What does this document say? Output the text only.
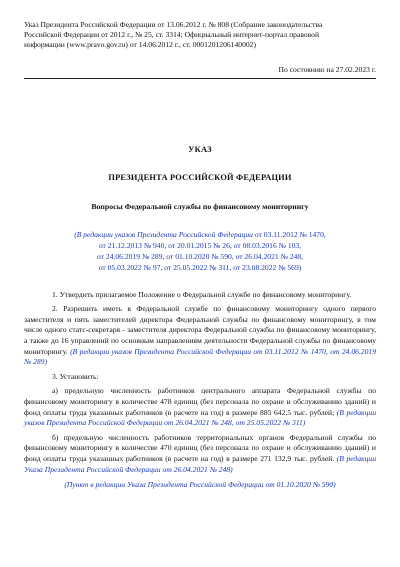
Указ Президента Российской Федерации от 13.06.2012 г. № 808 (Собрание законодательства

Российской Федерации от 2012 г., № 25, ст. 3314; Официальный интернет-портал правовой

информации (www.pravo.gov.ru) от 14.06.2012 г., ст. 0001201206140002)

По состоянию на 27.02.2023 г.
УКАЗ
ПРЕЗИДЕНТА РОССИЙСКОЙ ФЕДЕРАЦИИ
Вопросы Федеральной службы по финансовому мониторингу
(В редакции указов Президента Российской Федерации от 03.11.2012 № 1470,
от 21.12.2013 № 940, от 20.01.2015 № 26, от 08.03.2016 № 103,
от 24.06.2019 № 289, от 01.10.2020 № 590, от 26.04.2021 № 248,
от 05.03.2022 № 97, от 25.05.2022 № 311, от 23.08.2022 № 569)

1. Утвердить прилагаемое Положение о Федеральной службе по финансовому мониторингу.

2. Разрешить иметь в Федеральной службе по финансовому мониторингу одного первого заместителя и пять заместителей директора Федеральной службы по финансовому мониторингу, в том числе одного статс-секретаря - заместителя директора Федеральной службы по финансовому мониторингу, а также до 16 управлений по основным направлениям деятельности Федеральной службы по финансовому мониторингу. (В редакции указов Президента Российской Федерации от 03.11.2012 № 1470, от 24.06.2019 № 289)

3. Установить:

а) предельную численность работников центрального аппарата Федеральной службы по финансовому мониторингу в количестве 478 единиц (без персонала по охране и обслуживанию зданий) и фонд оплаты труда указанных работников (в расчете на год) в размере 885 642,5 тыс. рублей; (В редакции указов Президента Российской Федерации от 26.04.2021 № 248, от 25.05.2022 № 311)

б) предельную численность работников территориальных органов Федеральной службы по финансовому мониторингу в количестве 470 единиц (без персонала по охране и обслуживанию зданий) и фонд оплаты труда указанных работников (в расчете на год) в размере 271 132,9 тыс. рублей. (В редакции Указа Президента Российской Федерации от 26.04.2021 № 248)

(Пункт в редакции Указа Президента Российской Федерации от 01.10.2020 № 590)
